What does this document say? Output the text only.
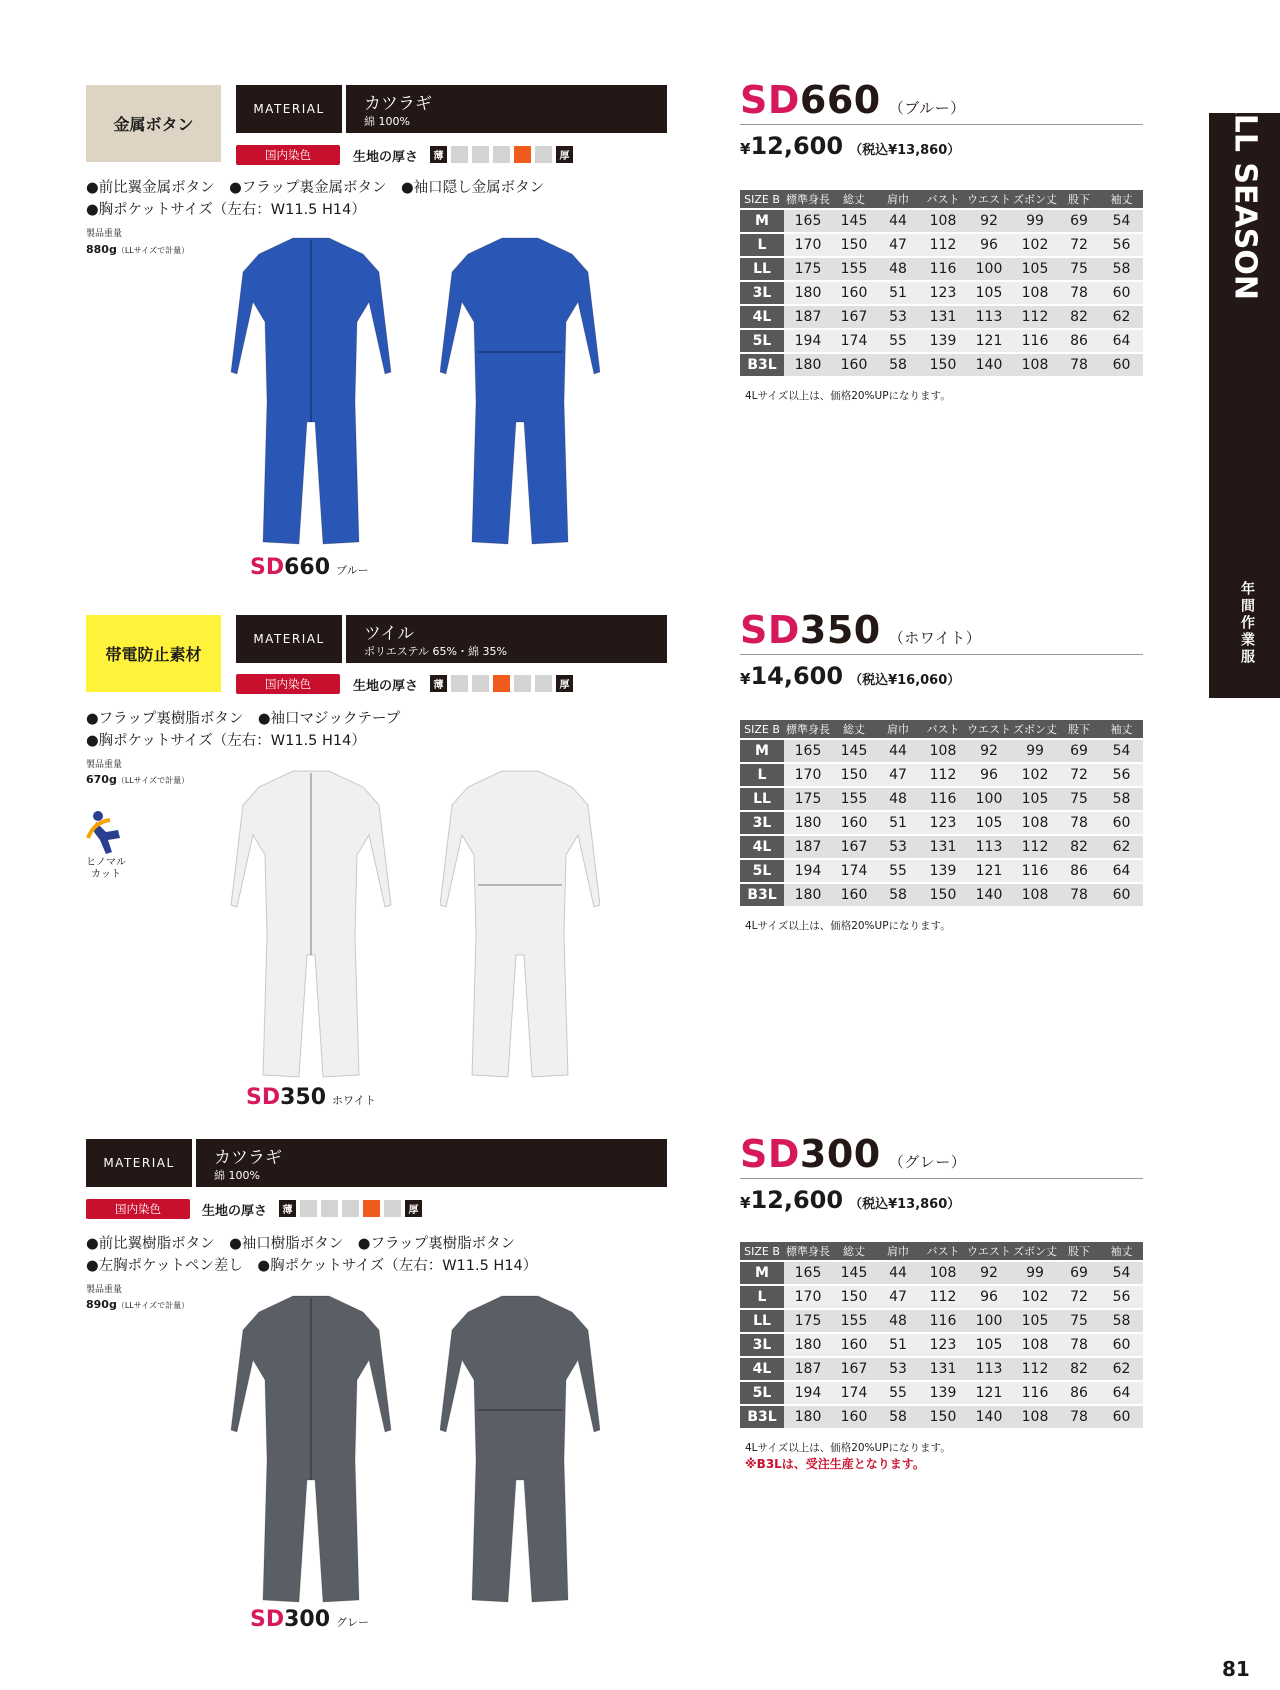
ALL SEASON
年間作業服
金属ボタン
MATERIAL	カツラギ
綿 100%
国内染色	生地の厚さ
●前比翼金属ボタン　●フラップ裏金属ボタン　●袖口隠し金属ボタン
●胸ポケットサイズ（左右：W11.5 H14）
製品重量
880g（LLサイズで計量）
SD660 （ブルー）
¥12,600 （税込¥13,860）
SIZE B	標準身長	総丈	肩巾	バスト	ウエスト	ズボン丈	股下	袖丈
M	165	145	44	108	92	99	69	54
L	170	150	47	112	96	102	72	56
LL	175	155	48	116	100	105	75	58
3L	180	160	51	123	105	108	78	60
4L	187	167	53	131	113	112	82	62
5L	194	174	55	139	121	116	86	64
B3L	180	160	58	150	140	108	78	60
4Lサイズ以上は、価格20%UPになります。
SD660 ブルー
帯電防止素材
MATERIAL	ツイル
ポリエステル 65%・綿 35%
国内染色	生地の厚さ
●フラップ裏樹脂ボタン　●袖口マジックテープ
●胸ポケットサイズ（左右：W11.5 H14）
製品重量
670g（LLサイズで計量）
ヒノマル
カット
SD350 （ホワイト）
¥14,600 （税込¥16,060）
SIZE B	標準身長	総丈	肩巾	バスト	ウエスト	ズボン丈	股下	袖丈
M	165	145	44	108	92	99	69	54
L	170	150	47	112	96	102	72	56
LL	175	155	48	116	100	105	75	58
3L	180	160	51	123	105	108	78	60
4L	187	167	53	131	113	112	82	62
5L	194	174	55	139	121	116	86	64
B3L	180	160	58	150	140	108	78	60
4Lサイズ以上は、価格20%UPになります。
SD350 ホワイト
MATERIAL	カツラギ
綿 100%
国内染色	生地の厚さ
●前比翼樹脂ボタン　●袖口樹脂ボタン　●フラップ裏樹脂ボタン
●左胸ポケットペン差し　●胸ポケットサイズ（左右：W11.5 H14）
製品重量
890g（LLサイズで計量）
SD300 （グレー）
¥12,600 （税込¥13,860）
SIZE B	標準身長	総丈	肩巾	バスト	ウエスト	ズボン丈	股下	袖丈
M	165	145	44	108	92	99	69	54
L	170	150	47	112	96	102	72	56
LL	175	155	48	116	100	105	75	58
3L	180	160	51	123	105	108	78	60
4L	187	167	53	131	113	112	82	62
5L	194	174	55	139	121	116	86	64
B3L	180	160	58	150	140	108	78	60
4Lサイズ以上は、価格20%UPになります。
※B3Lは、受注生産となります。
SD300 グレー
81
薄	厚
薄	厚
薄	厚
